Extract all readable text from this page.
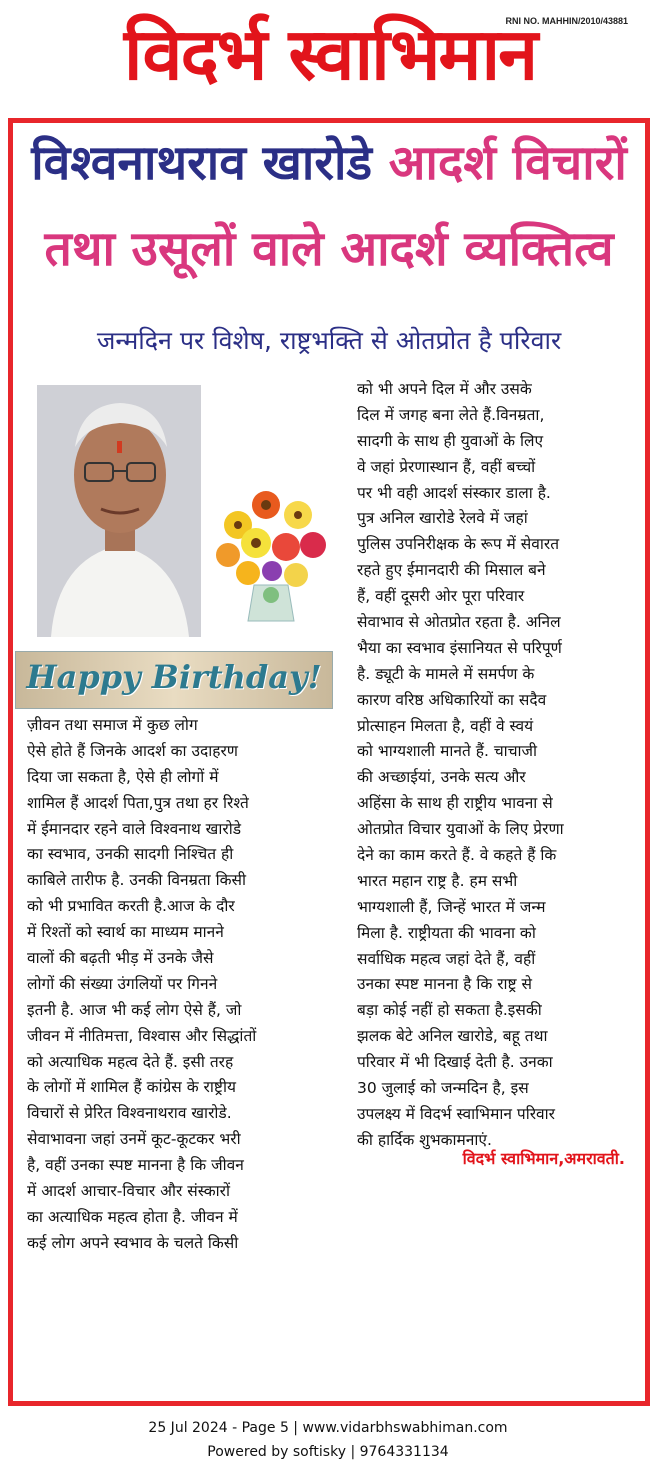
विदर्भ स्वाभिमान
RNI NO. MAHHIN/2010/43881
विश्वनाथराव खारोडे आदर्श विचारों
तथा उसूलों वाले आदर्श व्यक्तित्व
जन्मदिन पर विशेष, राष्ट्रभक्ति से ओतप्रोत है परिवार
Happy Birthday!
ज़ीवन तथा समाज में कुछ लोग
ऐसे होते हैं जिनके आदर्श का उदाहरण
दिया जा सकता है, ऐसे ही लोगों में
शामिल हैं आदर्श पिता,पुत्र तथा हर रिश्ते
में ईमानदार रहने वाले विश्वनाथ खारोडे
का स्वभाव, उनकी सादगी निश्चित ही
काबिले तारीफ है. उनकी विनम्रता किसी
को भी प्रभावित करती है.आज के दौर
में रिश्तों को स्वार्थ का माध्यम मानने
वालों की बढ़ती भीड़ में उनके जैसे
लोगों की संख्या उंगलियों पर गिनने
इतनी है. आज भी कई लोग ऐसे हैं, जो
जीवन में नीतिमत्ता, विश्वास और सिद्धांतों
को अत्याधिक महत्व देते हैं. इसी तरह
के लोगों में शामिल हैं कांग्रेस के राष्ट्रीय
विचारों से प्रेरित विश्वनाथराव खारोडे.
सेवाभावना जहां उनमें कूट-कूटकर भरी
है, वहीं उनका स्पष्ट मानना है कि जीवन
में आदर्श आचार-विचार और संस्कारों
का अत्याधिक महत्व होता है. जीवन में
कई लोग अपने स्वभाव के चलते किसी
को भी अपने दिल में और उसके
दिल में जगह बना लेते हैं.विनम्रता,
सादगी के साथ ही युवाओं के लिए
वे जहां प्रेरणास्थान हैं, वहीं बच्चों
पर भी वही आदर्श संस्कार डाला है.
पुत्र अनिल खारोडे रेलवे में जहां
पुलिस उपनिरीक्षक के रूप में सेवारत
रहते हुए ईमानदारी की मिसाल बने
हैं, वहीं दूसरी ओर पूरा परिवार
सेवाभाव से ओतप्रोत रहता है. अनिल
भैया का स्वभाव इंसानियत से परिपूर्ण
है. ड्यूटी के मामले में समर्पण के
कारण वरिष्ठ अधिकारियों का सदैव
प्रोत्साहन मिलता है, वहीं वे स्वयं
को भाग्यशाली मानते हैं. चाचाजी
की अच्छाईयां, उनके सत्य और
अहिंसा के साथ ही राष्ट्रीय भावना से
ओतप्रोत विचार युवाओं के लिए प्रेरणा
देने का काम करते हैं. वे कहते हैं कि
भारत महान राष्ट्र है. हम सभी
भाग्यशाली हैं, जिन्हें भारत में जन्म
मिला है. राष्ट्रीयता की भावना को
सर्वाधिक महत्व जहां देते हैं, वहीं
उनका स्पष्ट मानना है कि राष्ट्र से
बड़ा कोई नहीं हो सकता है.इसकी
झलक बेटे अनिल खारोडे, बहू तथा
परिवार में भी दिखाई देती है. उनका
30 जुलाई को जन्मदिन है, इस
उपलक्ष्य में विदर्भ स्वाभिमान परिवार
की हार्दिक शुभकामनाएं.
विदर्भ स्वाभिमान,अमरावती.
25 Jul 2024 - Page 5 | www.vidarbhswabhiman.com
Powered by softisky | 9764331134
